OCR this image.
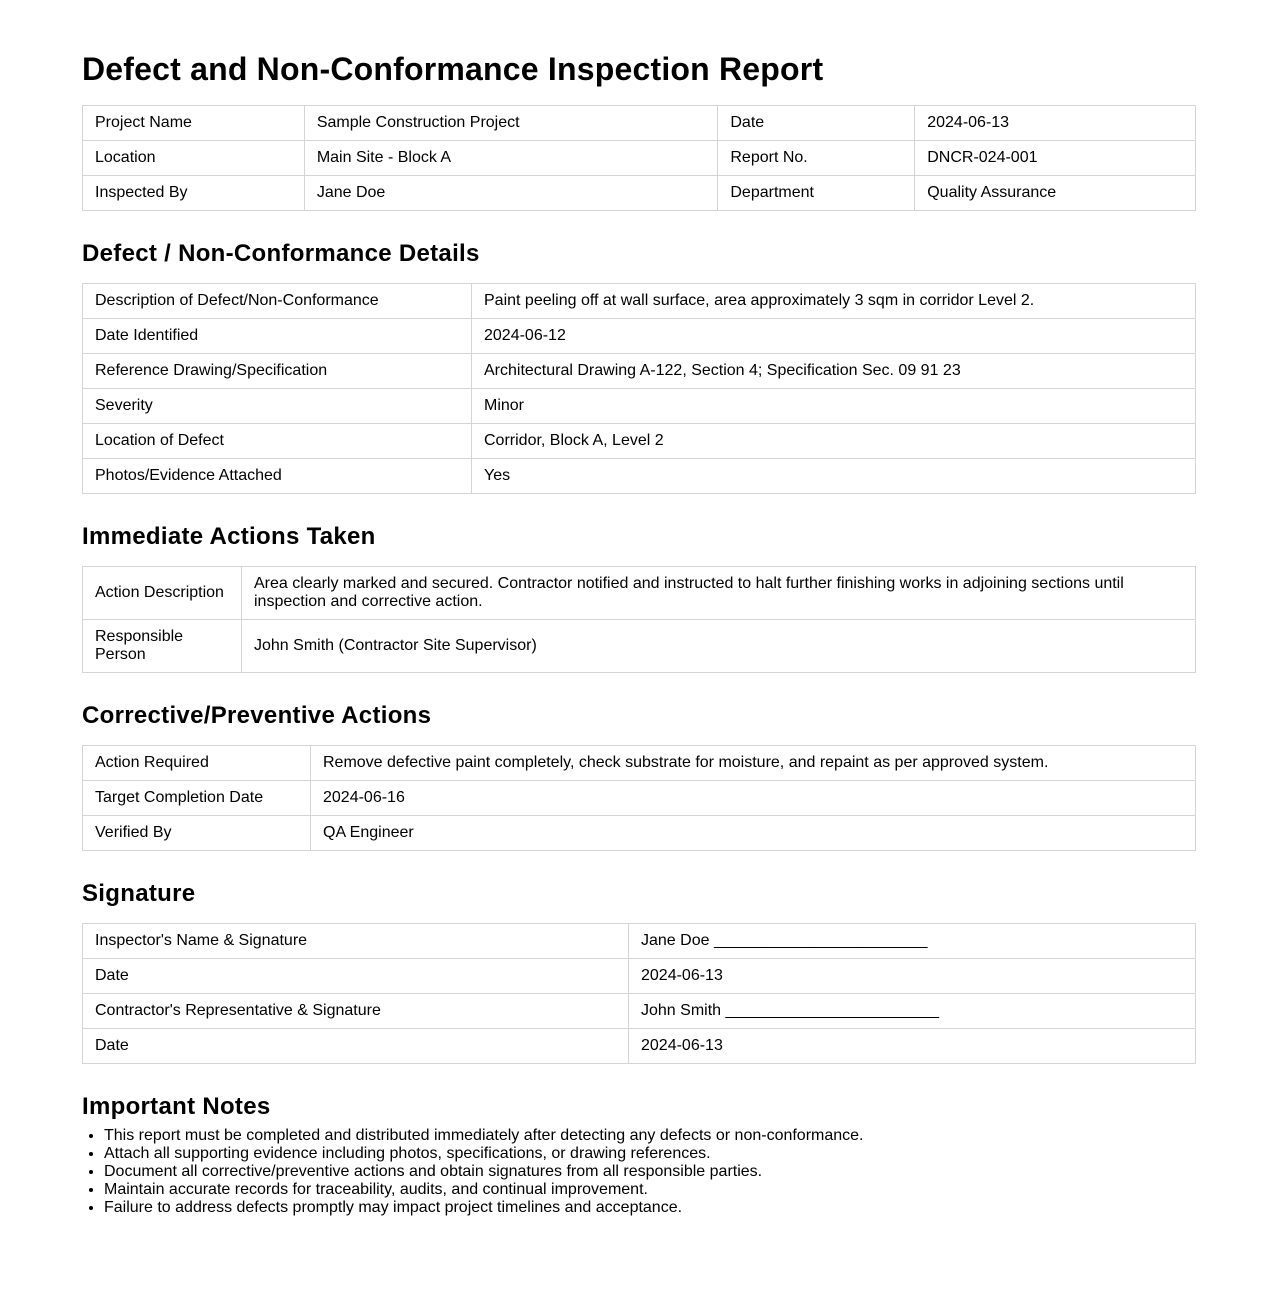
Defect and Non-Conformance Inspection Report
Project Name	Sample Construction Project	Date	2024-06-13
Location	Main Site - Block A	Report No.	DNCR-024-001
Inspected By	Jane Doe	Department	Quality Assurance
Defect / Non-Conformance Details
Description of Defect/Non-Conformance	Paint peeling off at wall surface, area approximately 3 sqm in corridor Level 2.
Date Identified	2024-06-12
Reference Drawing/Specification	Architectural Drawing A-122, Section 4; Specification Sec. 09 91 23
Severity	Minor
Location of Defect	Corridor, Block A, Level 2
Photos/Evidence Attached	Yes
Immediate Actions Taken
Action Description	Area clearly marked and secured. Contractor notified and instructed to halt further finishing works in adjoining sections until inspection and corrective action.
Responsible Person	John Smith (Contractor Site Supervisor)
Corrective/Preventive Actions
Action Required	Remove defective paint completely, check substrate for moisture, and repaint as per approved system.
Target Completion Date	2024-06-16
Verified By	QA Engineer
Signature
Inspector's Name & Signature	Jane Doe ________________________
Date	2024-06-13
Contractor's Representative & Signature	John Smith ________________________
Date	2024-06-13
Important Notes
• This report must be completed and distributed immediately after detecting any defects or non-conformance.
• Attach all supporting evidence including photos, specifications, or drawing references.
• Document all corrective/preventive actions and obtain signatures from all responsible parties.
• Maintain accurate records for traceability, audits, and continual improvement.
• Failure to address defects promptly may impact project timelines and acceptance.
